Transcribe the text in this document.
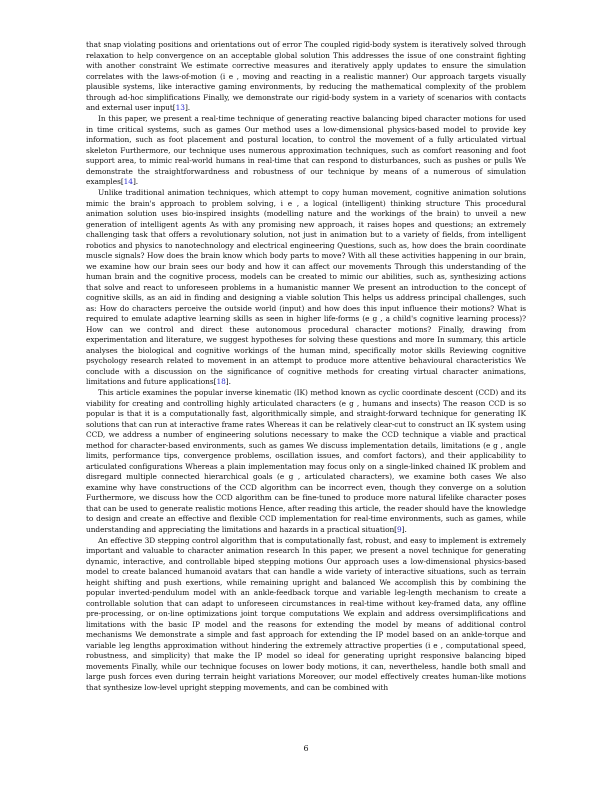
that snap violating positions and orientations out of error The coupled rigid-body system is iteratively solved through relaxation to help convergence on an acceptable global solution This addresses the issue of one constraint fighting with another constraint We estimate corrective measures and iteratively apply updates to ensure the simulation correlates with the laws-of-motion (i e , moving and reacting in a realistic manner) Our approach targets visually plausible systems, like interactive gaming environments, by reducing the mathematical complexity of the problem through ad-hoc simplifications Finally, we demonstrate our rigid-body system in a variety of scenarios with contacts and external user input[13].

In this paper, we present a real-time technique of generating reactive balancing biped character motions for used in time critical systems, such as games Our method uses a low-dimensional physics-based model to provide key information, such as foot placement and postural location, to control the movement of a fully articulated virtual skeleton Furthermore, our technique uses numerous approximation techniques, such as comfort reasoning and foot support area, to mimic real-world humans in real-time that can respond to disturbances, such as pushes or pulls We demonstrate the straightforwardness and robustness of our technique by means of a numerous of simulation examples[14].

Unlike traditional animation techniques, which attempt to copy human movement, cognitive animation solutions mimic the brain's approach to problem solving, i e , a logical (intelligent) thinking structure This procedural animation solution uses bio-inspired insights (modelling nature and the workings of the brain) to unveil a new generation of intelligent agents As with any promising new approach, it raises hopes and questions; an extremely challenging task that offers a revolutionary solution, not just in animation but to a variety of fields, from intelligent robotics and physics to nanotechnology and electrical engineering Questions, such as, how does the brain coordinate muscle signals? How does the brain know which body parts to move? With all these activities happening in our brain, we examine how our brain sees our body and how it can affect our movements Through this understanding of the human brain and the cognitive process, models can be created to mimic our abilities, such as, synthesizing actions that solve and react to unforeseen problems in a humanistic manner We present an introduction to the concept of cognitive skills, as an aid in finding and designing a viable solution This helps us address principal challenges, such as: How do characters perceive the outside world (input) and how does this input influence their motions? What is required to emulate adaptive learning skills as seen in higher life-forms (e g , a child's cognitive learning process)? How can we control and direct these autonomous procedural character motions? Finally, drawing from experimentation and literature, we suggest hypotheses for solving these questions and more In summary, this article analyses the biological and cognitive workings of the human mind, specifically motor skills Reviewing cognitive psychology research related to movement in an attempt to produce more attentive behavioural characteristics We conclude with a discussion on the significance of cognitive methods for creating virtual character animations, limitations and future applications[18].

This article examines the popular inverse kinematic (IK) method known as cyclic coordinate descent (CCD) and its viability for creating and controlling highly articulated characters (e g , humans and insects) The reason CCD is so popular is that it is a computationally fast, algorithmically simple, and straight-forward technique for generating IK solutions that can run at interactive frame rates Whereas it can be relatively clear-cut to construct an IK system using CCD, we address a number of engineering solutions necessary to make the CCD technique a viable and practical method for character-based environments, such as games We discuss implementation details, limitations (e g , angle limits, performance tips, convergence problems, oscillation issues, and comfort factors), and their applicability to articulated configurations Whereas a plain implementation may focus only on a single-linked chained IK problem and disregard multiple connected hierarchical goals (e g , articulated characters), we examine both cases We also examine why have constructions of the CCD algorithm can be incorrect even, though they converge on a solution Furthermore, we discuss how the CCD algorithm can be fine-tuned to produce more natural lifelike character poses that can be used to generate realistic motions Hence, after reading this article, the reader should have the knowledge to design and create an effective and flexible CCD implementation for real-time environments, such as games, while understanding and appreciating the limitations and hazards in a practical situation[9].

An effective 3D stepping control algorithm that is computationally fast, robust, and easy to implement is extremely important and valuable to character animation research In this paper, we present a novel technique for generating dynamic, interactive, and controllable biped stepping motions Our approach uses a low-dimensional physics-based model to create balanced humanoid avatars that can handle a wide variety of interactive situations, such as terrain height shifting and push exertions, while remaining upright and balanced We accomplish this by combining the popular inverted-pendulum model with an ankle-feedback torque and variable leg-length mechanism to create a controllable solution that can adapt to unforeseen circumstances in real-time without key-framed data, any offline pre-processing, or on-line optimizations joint torque computations We explain and address oversimplifications and limitations with the basic IP model and the reasons for extending the model by means of additional control mechanisms We demonstrate a simple and fast approach for extending the IP model based on an ankle-torque and variable leg lengths approximation without hindering the extremely attractive properties (i e , computational speed, robustness, and simplicity) that make the IP model so ideal for generating upright responsive balancing biped movements Finally, while our technique focuses on lower body motions, it can, nevertheless, handle both small and large push forces even during terrain height variations Moreover, our model effectively creates human-like motions that synthesize low-level upright stepping movements, and can be combined with

6
